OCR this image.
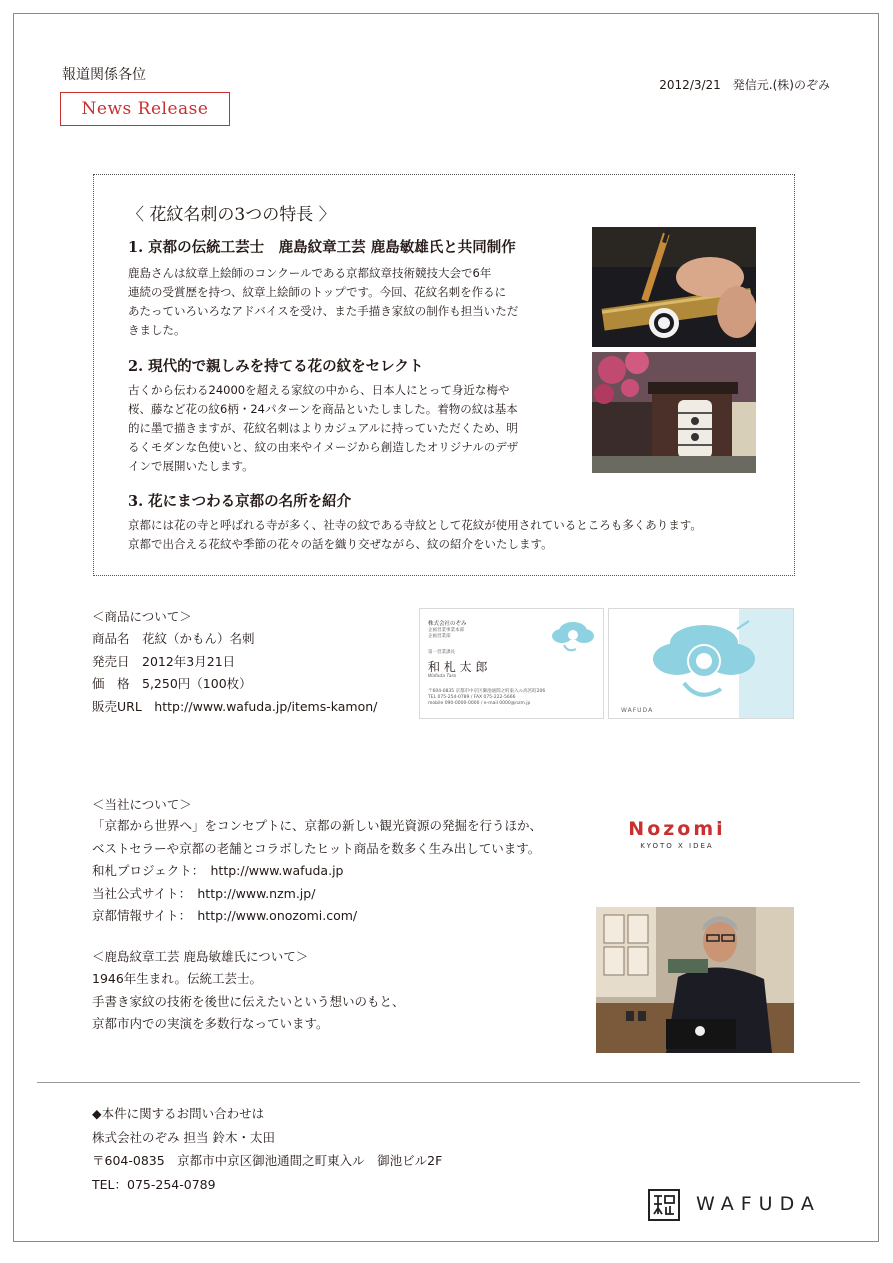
報道関係各位
2012/3/21　発信元.(株)のぞみ
News Release
〈 花紋名刺の3つの特長 〉
1. 京都の伝統工芸士　鹿島紋章工芸 鹿島敏雄氏と共同制作
鹿島さんは紋章上絵師のコンクールである京都紋章技術競技大会で6年
連続の受賞歴を持つ、紋章上絵師のトップです。今回、花紋名刺を作るに
あたっていろいろなアドバイスを受け、また手描き家紋の制作も担当いただ
きました。
2. 現代的で親しみを持てる花の紋をセレクト
古くから伝わる24000を超える家紋の中から、日本人にとって身近な梅や
桜、藤など花の紋6柄・24パターンを商品といたしました。着物の紋は基本
的に墨で描きますが、花紋名刺はよりカジュアルに持っていただくため、明
るくモダンな色使いと、紋の由来やイメージから創造したオリジナルのデザ
インで展開いたします。
3. 花にまつわる京都の名所を紹介
京都には花の寺と呼ばれる寺が多く、社寺の紋である寺紋として花紋が使用されているところも多くあります。
京都で出合える花紋や季節の花々の話を織り交ぜながら、紋の紹介をいたします。
＜商品について＞
商品名　花紋（かもん）名刺
発売日　2012年3月21日
価　格　5,250円（100枚）
販売URL　http://www.wafuda.jp/items-kamon/
株式会社のぞみ
企画営業事業本部
企画営業部
第一営業課長
和 札 太 郎
Wafuda Taro
〒604-0835 京都市中京区御池通間之町東入ル高宮町206
TEL 075-254-0789 / FAX 075-222-5666
mobile 090-0000-0000 / e-mail 0000@nzm.jp
WAFUDA
＜当社について＞
「京都から世界へ」をコンセプトに、京都の新しい観光資源の発掘を行うほか、
ベストセラーや京都の老舗とコラボしたヒット商品を数多く生み出しています。
和札プロジェクト：　http://www.wafuda.jp
当社公式サイト：　http://www.nzm.jp/
京都情報サイト：　http://www.onozomi.com/
Nozomi
KYOTO X IDEA
＜鹿島紋章工芸 鹿島敏雄氏について＞
1946年生まれ。伝統工芸士。
手書き家紋の技術を後世に伝えたいという想いのもと、
京都市内での実演を多数行なっています。
◆本件に関するお問い合わせは
株式会社のぞみ 担当 鈴木・太田
〒604-0835　京都市中京区御池通間之町東入ル　御池ビル2F
TEL：075-254-0789
WAFUDA
